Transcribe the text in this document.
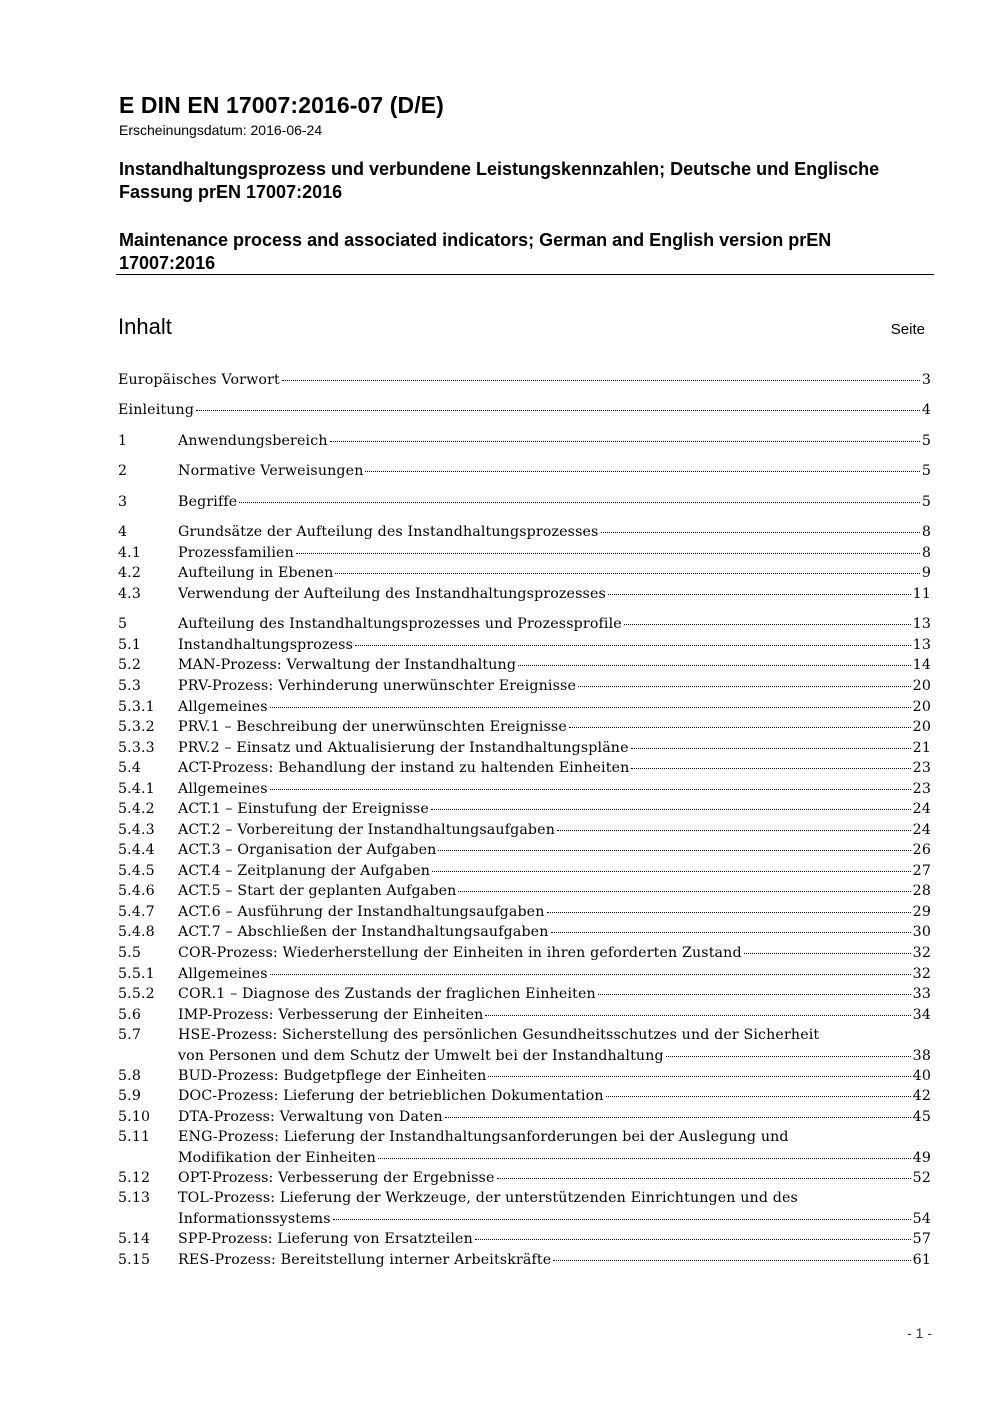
E DIN EN 17007:2016-07 (D/E)
Erscheinungsdatum: 2016-06-24
Instandhaltungsprozess und verbundene Leistungskennzahlen; Deutsche und Englische Fassung prEN 17007:2016
Maintenance process and associated indicators; German and English version prEN 17007:2016
Inhalt	Seite
Europäisches Vorwort	3
Einleitung	4
1	Anwendungsbereich	5
2	Normative Verweisungen	5
3	Begriffe	5
4	Grundsätze der Aufteilung des Instandhaltungsprozesses	8
4.1	Prozessfamilien	8
4.2	Aufteilung in Ebenen	9
4.3	Verwendung der Aufteilung des Instandhaltungsprozesses	11
5	Aufteilung des Instandhaltungsprozesses und Prozessprofile	13
5.1	Instandhaltungsprozess	13
5.2	MAN-Prozess: Verwaltung der Instandhaltung	14
5.3	PRV-Prozess: Verhinderung unerwünschter Ereignisse	20
5.3.1 Allgemeines	20
5.3.2 PRV.1 – Beschreibung der unerwünschten Ereignisse	20
5.3.3 PRV.2 – Einsatz und Aktualisierung der Instandhaltungspläne	21
5.4	ACT-Prozess: Behandlung der instand zu haltenden Einheiten	23
5.4.1 Allgemeines	23
5.4.2 ACT.1 – Einstufung der Ereignisse	24
5.4.3 ACT.2 – Vorbereitung der Instandhaltungsaufgaben	24
5.4.4 ACT.3 – Organisation der Aufgaben	26
5.4.5 ACT.4 – Zeitplanung der Aufgaben	27
5.4.6 ACT.5 – Start der geplanten Aufgaben	28
5.4.7 ACT.6 – Ausführung der Instandhaltungsaufgaben	29
5.4.8 ACT.7 – Abschließen der Instandhaltungsaufgaben	30
5.5	COR-Prozess: Wiederherstellung der Einheiten in ihren geforderten Zustand	32
5.5.1 Allgemeines	32
5.5.2 COR.1 – Diagnose des Zustands der fraglichen Einheiten	33
5.6	IMP-Prozess: Verbesserung der Einheiten	34
5.7	HSE-Prozess: Sicherstellung des persönlichen Gesundheitsschutzes und der Sicherheit
von Personen und dem Schutz der Umwelt bei der Instandhaltung	38
5.8	BUD-Prozess: Budgetpflege der Einheiten	40
5.9	DOC-Prozess: Lieferung der betrieblichen Dokumentation	42
5.10 DTA-Prozess: Verwaltung von Daten	45
5.11 ENG-Prozess: Lieferung der Instandhaltungsanforderungen bei der Auslegung und
Modifikation der Einheiten	49
5.12 OPT-Prozess: Verbesserung der Ergebnisse	52
5.13 TOL-Prozess: Lieferung der Werkzeuge, der unterstützenden Einrichtungen und des
Informationssystems	54
5.14 SPP-Prozess: Lieferung von Ersatzteilen	57
5.15 RES-Prozess: Bereitstellung interner Arbeitskräfte	61
- 1 -
